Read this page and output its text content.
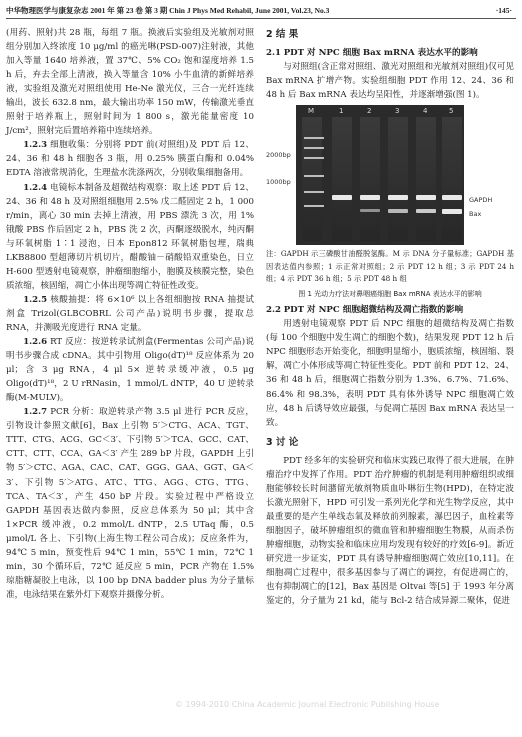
中华物理医学与康复杂志 2001 年 第 23 卷 第 3 期 Chin J Phys Med Rehabil, June 2001, Vol.23, No.3	·145·

(用药、照射)共 28 瓶，每组 7 瓶。换液后实验组及光敏剂对照组分别加入终浓度 10 μg/ml 的癌光啉(PSD-007)注射液，其他加入等量 1640 培养液，置 37℃、5% CO₂ 饱和湿度培养 1.5 h 后，弃去全部上清液，换入等量含 10% 小牛血清的新鲜培养液，实验组及激光对照组使用 He-Ne 激光仪，三合一光纤连续输出，波长 632.8 nm，最大输出功率 150 mW，传输激光垂直照射于培养瓶上，照射时间为 1 800 s，激光能量密度 10 J/cm²，照射完后置培养箱中连续培养。

1.2.3 细胞收集：分别将 PDT 前(对照组)及 PDT 后 12、24、36 和 48 h 细胞各 3 瓶，用 0.25% 胰蛋白酶和 0.04% EDTA 溶液常规消化，生理盐水洗涤两次，分别收集细胞备用。

1.2.4 电镜标本制备及超微结构观察：取上述 PDT 后 12、24、36 和 48 h 及对照组细胞用 2.5% 戊二醛固定 2 h，1 000 r/min，离心 30 min 去掉上清液，用 PBS 漂洗 3 次，用 1% 锇酸 PBS 作后固定 2 h，PBS 洗 2 次，丙酮逐级脱水，纯丙酮与环氧树脂 1∶1 浸泡，日本 Epon812 环氧树脂包埋，瑞典 LKB8800 型超薄切片机切片，醋酸铀－硝酸铅双重染色，日立 H-600 型透射电镜观察，肿瘤细胞缩小，胞膜及核膜完整，染色质浓缩，核固缩，凋亡小体出现等凋亡特征性改变。

1.2.5 核酸抽提：将 6×10⁶ 以上各组细胞按 RNA 抽提试剂盒 Trizol(GLBCOBRL 公司产品)说明书步骤，提取总 RNA，并测吸光度进行 RNA 定量。

1.2.6 RT 反应：按逆转录试剂盒(Fermentas 公司产品)说明书步骤合成 cDNA。其中引物用 Oligo(dT)¹⁸ 反应体系为 20 μl；含 3 μg RNA，4 μl 5× 逆转录缓冲液，0.5 μg Oligo(dT)¹⁸，2 U rRNasin，1 mmol/L dNTP，40 U 逆转录酶(M-MULV)。

1.2.7 PCR 分析：取逆转录产物 3.5 μl 进行 PCR 反应，引物设计参照文献[6]，Bax 上引物 5′＞CTG、ACA、TGT、TTT、CTG、ACG、GC＜3′、下引物 5′＞TCA、GCC、CAT、CTT、CTT、CCA、GA＜3′ 产生 289 bP 片段，GAPDH 上引物 5′＞CTC、AGA、CAC、CAT、GGG、GAA、GGT、GA＜3′、下引物 5′＞ATG、ATC、TTG、AGG、CTG、TTG、TCA、TA＜3′，产生 450 bP 片段。实验过程中严格设立 GAPDH 基因表达做内参照，反应总体系为 50 μl；其中含 1×PCR 缓冲液，0.2 mmol/L dNTP，2.5 UTaq 酶，0.5 μmol/L 各上、下引物(上海生物工程公司合成)；反应条件为，94℃ 5 min，预变性后 94℃ 1 min，55℃ 1 min，72℃ 1 min，30 个循环后，72℃ 延反应 5 min，PCR 产物在 1.5% 琼脂糖凝胶上电泳，以 100 bp DNA badder plus 为分子量标准，电泳结果在紫外灯下观察并摄像分析。

2 结 果

2.1 PDT 对 NPC 细胞 Bax mRNA 表达水平的影响

与对照组(含正常对照组、激光对照组和光敏剂对照组)仅可见 Bax mRNA 扩增产物。实验组细胞 PDT 作用 12、24、36 和 48 h 后 Bax mRNA 表达均呈阳性，并逐渐增强(图 1)。

2000bp
1000bp
M	1	2	3	4	5
GAPDH
Bax

注：GAPDH 示三磷酸甘油醛脱氢酶。M 示 DNA 分子量标准；GAPDH 基因表达值内参照；1 示正常对照组；2 示 PDT 12 h 组；3 示 PDT 24 h 组；4 示 PDT 36 h 组；5 示 PDT 48 h 组

图 1 光动力疗法对鼻咽癌细胞 Bax mRNA 表达水平的影响

2.2 PDT 对 NPC 细胞超微结构及凋亡指数的影响

用透射电镜观察 PDT 后 NPC 细胞的超微结构及凋亡指数(每 100 个细胞中发生凋亡的细胞个数)，结果发现 PDT 12 h 后 NPC 细胞形态开始变化，细胞明显缩小，胞质浓缩，核固缩、裂解，凋亡小体形成等凋亡特征性变化。PDT 前和 PDT 12、24、36 和 48 h 后，细胞凋亡指数分别为 1.3%、6.7%、71.6%、86.4% 和 98.3%，表明 PDT 具有体外诱导 NPC 细胞凋亡效应，48 h 后诱导效应最强，与促凋亡基因 Bax mRNA 表达呈一致。

3 讨 论

PDT 经多年的实验研究和临床实践已取得了很大进展，在肿瘤治疗中发挥了作用。PDT 治疗肿瘤的机制是利用肿瘤组织或细胞能够较长时间潴留光敏剂物质血卟啉衍生物(HPD)，在特定波长激光照射下，HPD 可引发一系列光化学和光生物学反应，其中最重要的是产生单线态氧及释放前列腺素，瀑巴因子，血栓素等细胞因子，破坏肿瘤组织的微血管和肿瘤细胞生物膜，从而杀伤肿瘤细胞，动物实验和临床应用均发现有较好的疗效[6-9]。新近研究进一步证实，PDT 具有诱导肿瘤细胞凋亡效应[10,11]。在细胞凋亡过程中，很多基因参与了凋亡的调控，有促进凋亡的，也有抑制凋亡的[12]，Bax 基因是 Oltvai 等[5] 于 1993 年分离鉴定的，分子量为 21 kd，能与 Bcl-2 结合成异源二聚体，促进

© 1994-2010 China Academic Journal Electronic Publishing House
